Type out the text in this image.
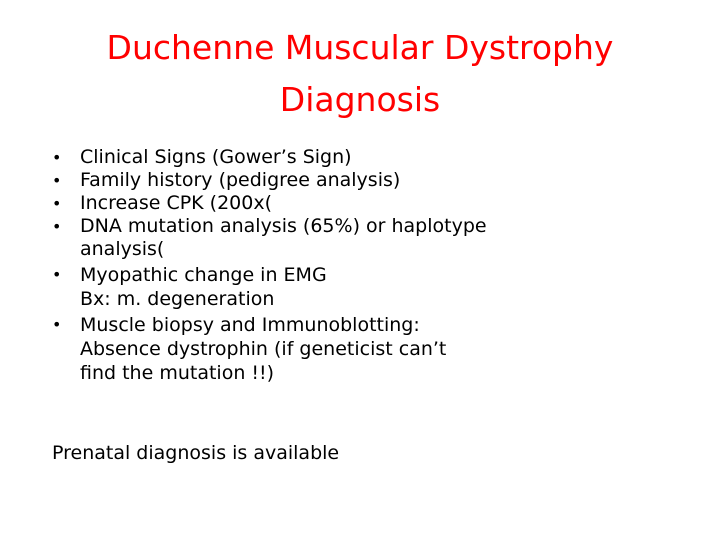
Duchenne Muscular Dystrophy
Diagnosis
• Clinical Signs (Gower’s Sign)
• Family history (pedigree analysis)
• Increase CPK (200x(
• DNA mutation analysis (65%) or haplotype
analysis(
• Myopathic change in EMG
Bx: m. degeneration
• Muscle biopsy and Immunoblotting:
Absence dystrophin (if geneticist can’t
find the mutation !!)
Prenatal diagnosis is available
